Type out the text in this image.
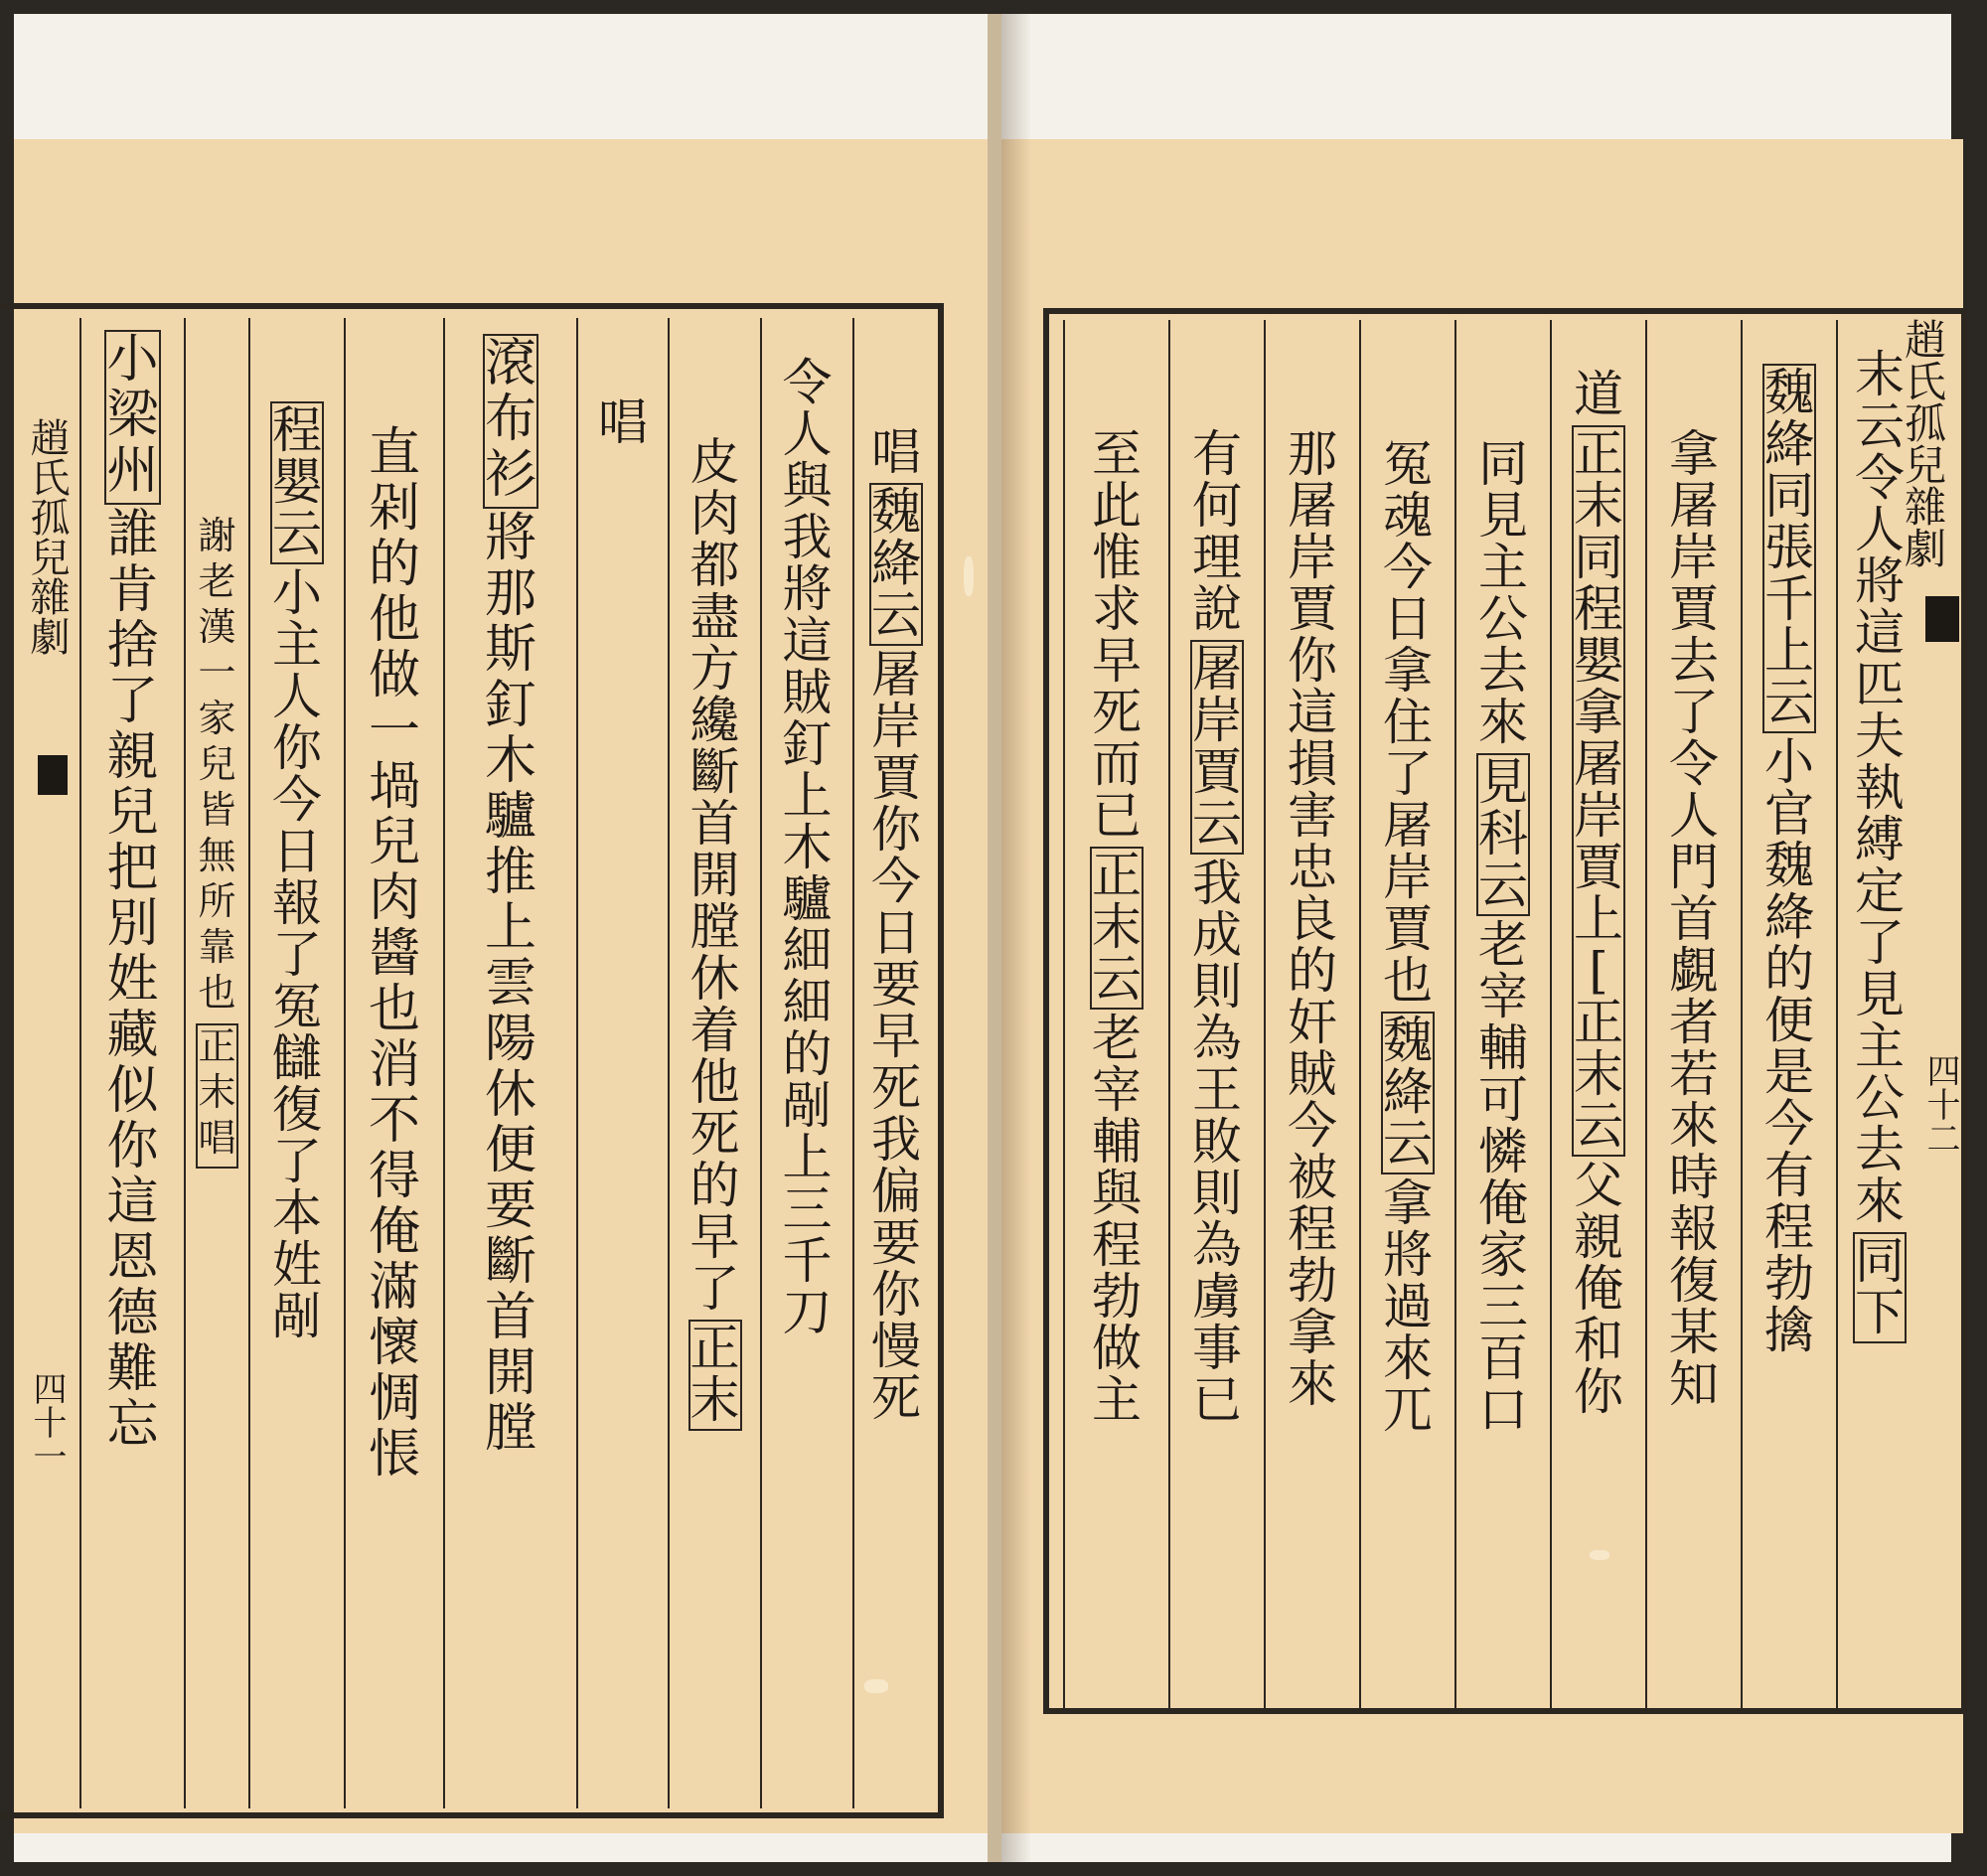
唱
魏
絳
云
屠
岸
賈
你
今
日
要
早
死
我
偏
要
你
慢
死
令
人
與
我
將
這
賊
釘
上
木
驢
細
細
的
剮
上
三
千
刀
皮
肉
都
盡
方
纔
斷
首
開
膛
休
着
他
死
的
早
了
正
末
唱
滾
布
衫
將
那
斯
釘
木
驢
推
上
雲
陽
休
便
要
斷
首
開
膛
直
剁
的
他
做
一
堝
兒
肉
醬
也
消
不
得
俺
滿
懷
惆
悵
程
嬰
云
小
主
人
你
今
日
報
了
冤
讎
復
了
本
姓
剮
謝
老
漢
一
家
兒
皆
無
所
靠
也
正
末
唱
小
梁
州
誰
肯
捨
了
親
兒
把
別
姓
藏
似
你
這
恩
德
難
忘
趙氏孤兒雜劇
四十一
趙氏孤兒雜劇
四十二
末
云
令
人
將
這
匹
夫
執
縛
定
了
見
主
公
去
來
同
下
魏
絳
同
張
千
上
云
小
官
魏
絳
的
便
是
今
有
程
勃
擒
拿
屠
岸
賈
去
了
令
人
門
首
覷
者
若
來
時
報
復
某
知
道
正
末
同
程
嬰
拿
屠
岸
賈
上
[
正
末
云
父
親
俺
和
你
同
見
主
公
去
來
見
科
云
老
宰
輔
可
憐
俺
家
三
百
口
冤
魂
今
日
拿
住
了
屠
岸
賈
也
魏
絳
云
拿
將
過
來
兀
那
屠
岸
賈
你
這
損
害
忠
良
的
奸
賊
今
被
程
勃
拿
來
有
何
理
說
屠
岸
賈
云
我
成
則
為
王
敗
則
為
虜
事
已
至
此
惟
求
早
死
而
已
正
末
云
老
宰
輔
與
程
勃
做
主
